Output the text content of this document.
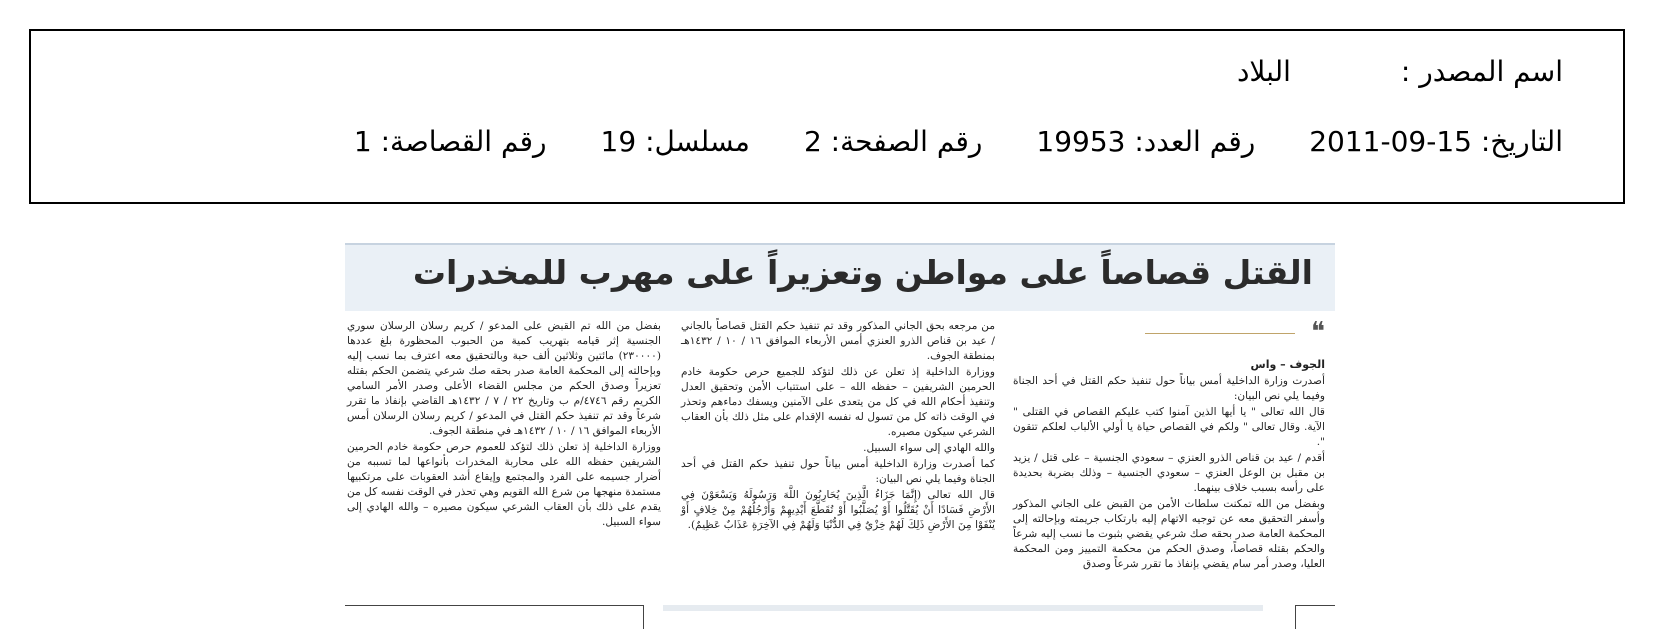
اسم المصدر :البلاد
التاريخ: 2011-09-15رقم العدد: 19953رقم الصفحة: 2مسلسل: 19رقم القصاصة: 1
القتل قصاصاً على مواطن وتعزيراً على مهرب للمخدرات
❝

الجوف – واس

أصدرت وزارة الداخلية أمس بياناً حول تنفيذ حكم القتل في أحد الجناة وفيما يلي نص البيان:

قال الله تعالى " يا أيها الذين آمنوا كتب عليكم القصاص في القتلى " الآية. وقال تعالى " ولكم في القصاص حياة يا أولي الألباب لعلكم تتقون ".

أقدم / عيد بن قناص الذرو العنزي – سعودي الجنسية – على قتل / يزيد بن مقبل بن الوعل العنزي – سعودي الجنسية – وذلك بضربة بحديدة على رأسه بسبب خلاف بينهما.

وبفضل من الله تمكنت سلطات الأمن من القبض على الجاني المذكور وأسفر التحقيق معه عن توجيه الاتهام إليه بارتكاب جريمته وبإحالته إلى المحكمة العامة صدر بحقه صك شرعي يقضي بثبوت ما نسب إليه شرعاً والحكم بقتله قصاصاً، وصدق الحكم من محكمة التمييز ومن المحكمة العليا، وصدر أمر سام يقضي بإنفاذ ما تقرر شرعاً وصدق

من مرجعه بحق الجاني المذكور وقد تم تنفيذ حكم القتل قصاصاً بالجاني / عيد بن قناص الذرو العنزي أمس الأربعاء الموافق ١٦ / ١٠ / ١٤٣٢هـ بمنطقة الجوف.

ووزارة الداخلية إذ تعلن عن ذلك لتؤكد للجميع حرص حكومة خادم الحرمين الشريفين – حفظه الله – على استتباب الأمن وتحقيق العدل وتنفيذ أحكام الله في كل من يتعدى على الآمنين ويسفك دماءهم وتحذر في الوقت ذاته كل من تسول له نفسه الإقدام على مثل ذلك بأن العقاب الشرعي سيكون مصيره.

والله الهادي إلى سواء السبيل.

كما أصدرت وزارة الداخلية أمس بياناً حول تنفيذ حكم القتل في أحد الجناة وفيما يلي نص البيان:

قال الله تعالى (إِنَّمَا جَزَاءُ الَّذِينَ يُحَارِبُونَ اللَّهَ وَرَسُولَهُ وَيَسْعَوْنَ فِي الأَرْضِ فَسَادًا أَنْ يُقَتَّلُوا أَوْ يُصَلَّبُوا أَوْ تُقَطَّعَ أَيْدِيهِمْ وَأَرْجُلُهُمْ مِنْ خِلافٍ أَوْ يُنْفَوْا مِنَ الأَرْضِ ذَلِكَ لَهُمْ خِزْيٌ فِي الدُّنْيَا وَلَهُمْ فِي الآخِرَةِ عَذَابٌ عَظِيمٌ).

بفضل من الله تم القبض على المدعو / كريم رسلان الرسلان سوري الجنسية إثر قيامه بتهريب كمية من الحبوب المحظورة بلغ عددها (٢٣٠٠٠٠) مائتين وثلاثين ألف حبة وبالتحقيق معه اعترف بما نسب إليه وبإحالته إلى المحكمة العامة صدر بحقه صك شرعي يتضمن الحكم بقتله تعزيراً وصدق الحكم من مجلس القضاء الأعلى وصدر الأمر السامي الكريم رقم ٤٧٤٦/م ب وتاريخ ٢٢ / ٧ / ١٤٣٢هـ القاضي بإنفاذ ما تقرر شرعاً وقد تم تنفيذ حكم القتل في المدعو / كريم رسلان الرسلان أمس الأربعاء الموافق ١٦ / ١٠ / ١٤٣٢هـ في منطقة الجوف.

ووزارة الداخلية إذ تعلن ذلك لتؤكد للعموم حرص حكومة خادم الحرمين الشريفين حفظه الله على محاربة المخدرات بأنواعها لما تسببه من أضرار جسيمه على الفرد والمجتمع وإيقاع أشد العقوبات على مرتكبيها مستمدة منهجها من شرع الله القويم وهي تحذر في الوقت نفسه كل من يقدم على ذلك بأن العقاب الشرعي سيكون مصيره – والله الهادي إلى سواء السبيل.
